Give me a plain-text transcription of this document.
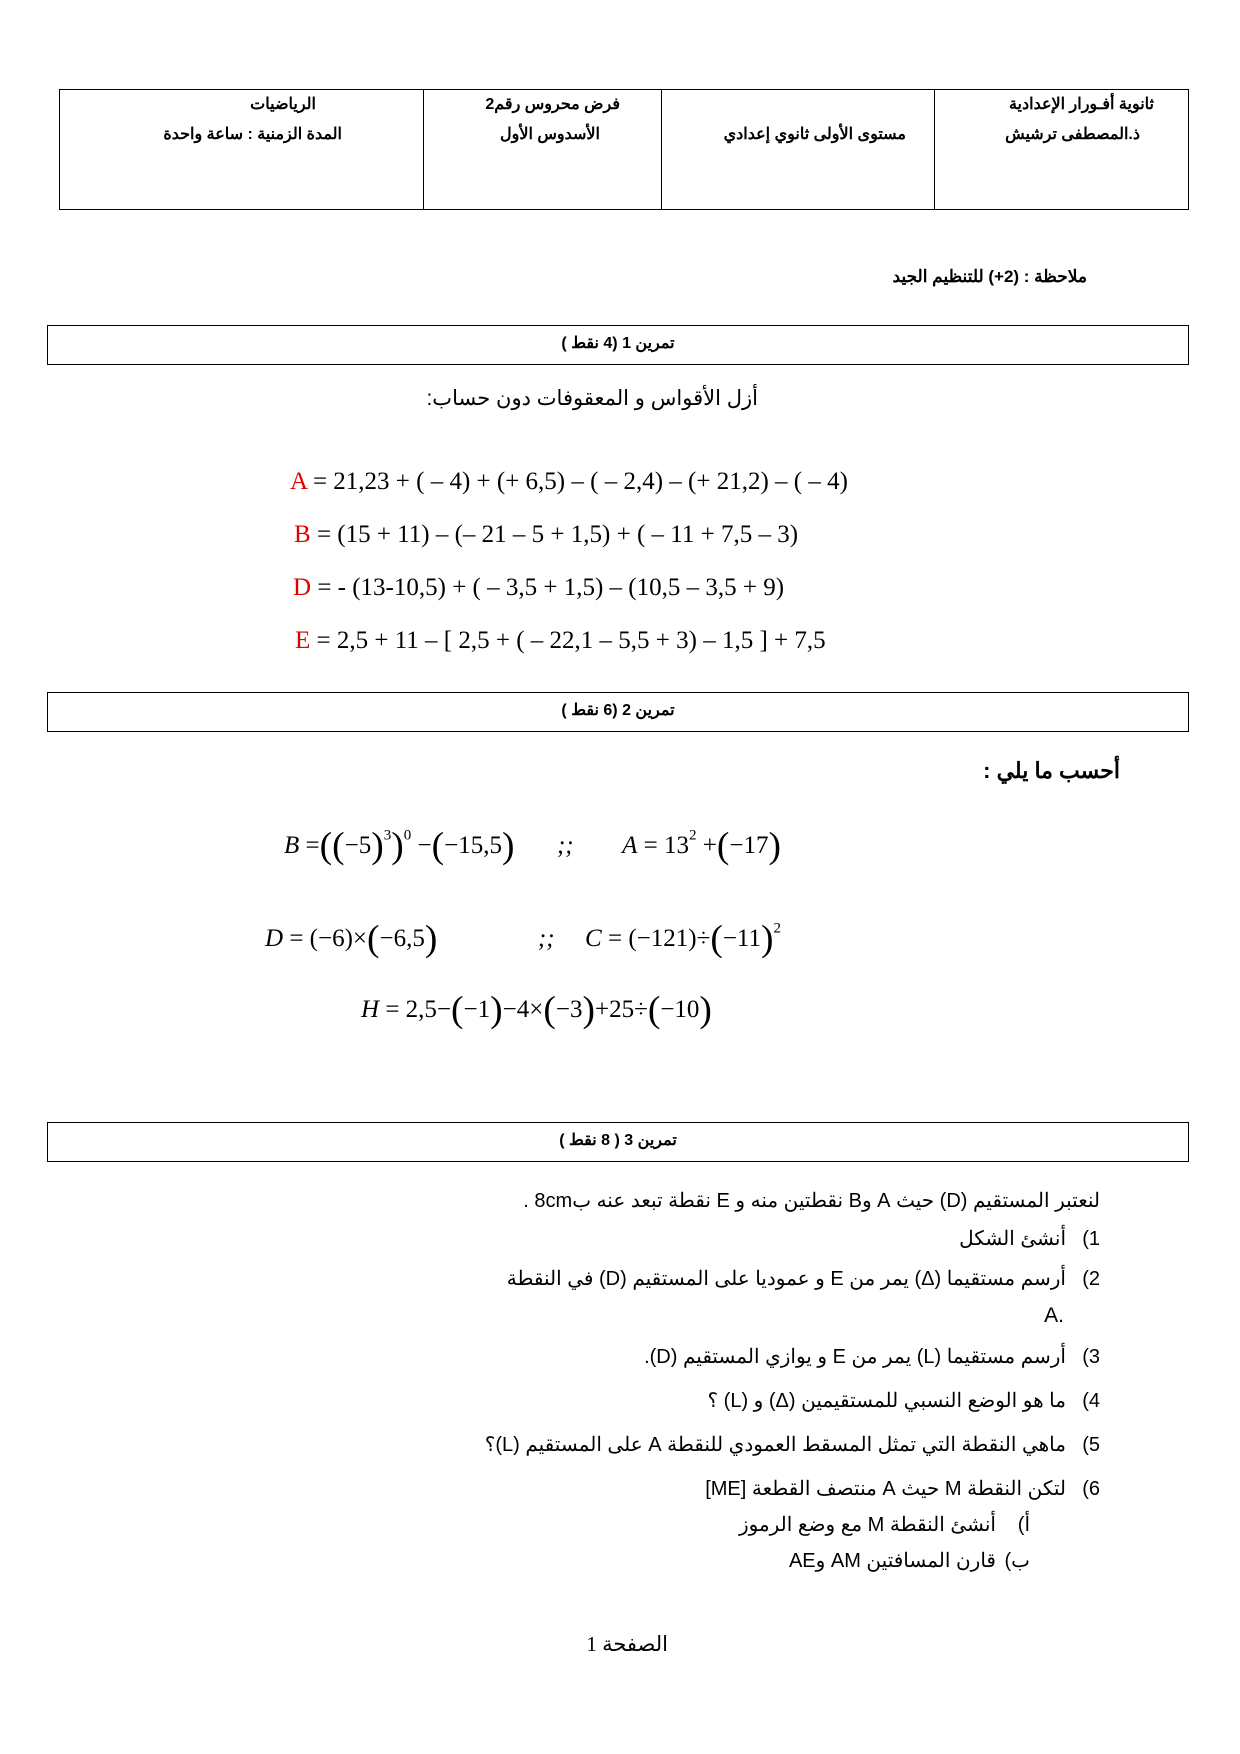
ثانوية أفـورار الإعدادية
ذ.المصطفى ترشيش
مستوى الأولى ثانوي إعدادي
فرض محروس رقم2
الأسدوس الأول
الرياضيات
المدة الزمنية : ساعة واحدة
ملاحظة : (2+) للتنظيم الجيد
تمرين 1 (4 نقط )
أزل الأقواس و المعقوفات دون حساب:
A = 21,23 + ( – 4) + (+ 6,5) – ( – 2,4) – (+ 21,2) – ( – 4)
B = (15 + 11) – (– 21 – 5 + 1,5) + ( – 11 + 7,5 – 3)
D = - (13-10,5) + ( – 3,5 + 1,5) – (10,5 – 3,5 + 9)
E = 2,5 + 11 – [ 2,5 + ( – 22,1 – 5,5 + 3) – 1,5 ] + 7,5
تمرين 2 (6 نقط )
أحسب ما يلي :
$B =((-5)^3)^0 -(-15,5)$ ;; $A = 13^2 +(-17)$
D = (−6)×(−6,5)	;; $C = (-121)\div(-11)^2$
H = 2,5−(−1)−4×(−3)+25÷(−10)
تمرين 3 ( 8 نقط )
لنعتبر المستقيم (D) حيث A وB نقطتين منه و E نقطة تبعد عنه ب8cm .
1)أنشئ الشكل
2)أرسم مستقيما (Δ) يمر من E و عموديا على المستقيم (D) في النقطة
.A
3)أرسم مستقيما (L) يمر من E و يوازي المستقيم (D).
4)ما هو الوضع النسبي للمستقيمين (Δ) و (L) ؟
5)ماهي النقطة التي تمثل المسقط العمودي للنقطة A على المستقيم (L)؟
6)لتكن النقطة M حيث A منتصف القطعة [ME]
أ)أنشئ النقطة M مع وضع الرموز
ب)قارن المسافتين AM وAE
الصفحة 1
